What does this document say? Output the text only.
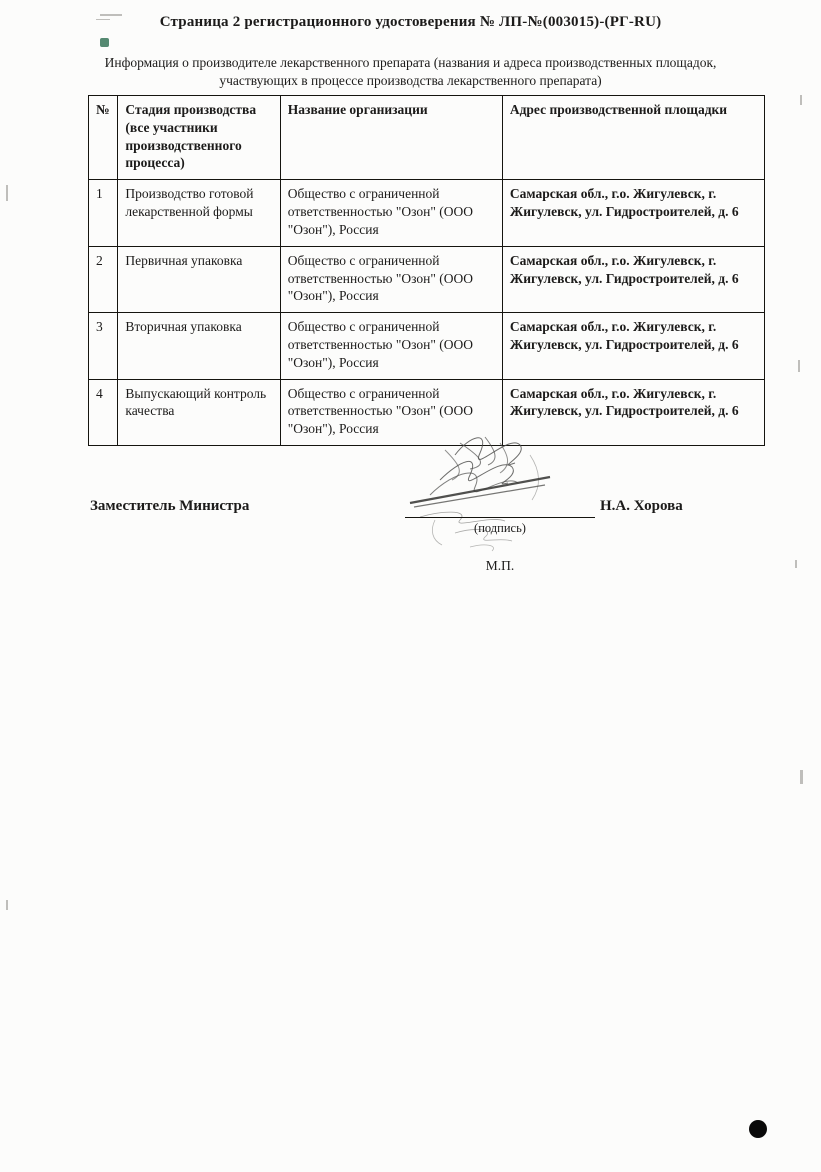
Страница 2 регистрационного удостоверения № ЛП-№(003015)-(РГ-RU)
Информация о производителе лекарственного препарата (названия и адреса производственных площадок, участвующих в процессе производства лекарственного препарата)
№	Стадия производства (все участники производственного процесса)	Название организации	Адрес производственной площадки
1	Производство готовой лекарственной формы	Общество с ограниченной ответственностью "Озон" (ООО "Озон"), Россия	Самарская обл., г.о. Жигулевск, г. Жигулевск, ул. Гидростроителей, д. 6
2	Первичная упаковка	Общество с ограниченной ответственностью "Озон" (ООО "Озон"), Россия	Самарская обл., г.о. Жигулевск, г. Жигулевск, ул. Гидростроителей, д. 6
3	Вторичная упаковка	Общество с ограниченной ответственностью "Озон" (ООО "Озон"), Россия	Самарская обл., г.о. Жигулевск, г. Жигулевск, ул. Гидростроителей, д. 6
4	Выпускающий контроль качества	Общество с ограниченной ответственностью "Озон" (ООО "Озон"), Россия	Самарская обл., г.о. Жигулевск, г. Жигулевск, ул. Гидростроителей, д. 6
Заместитель Министра
(подпись)
Н.А. Хорова
М.П.
